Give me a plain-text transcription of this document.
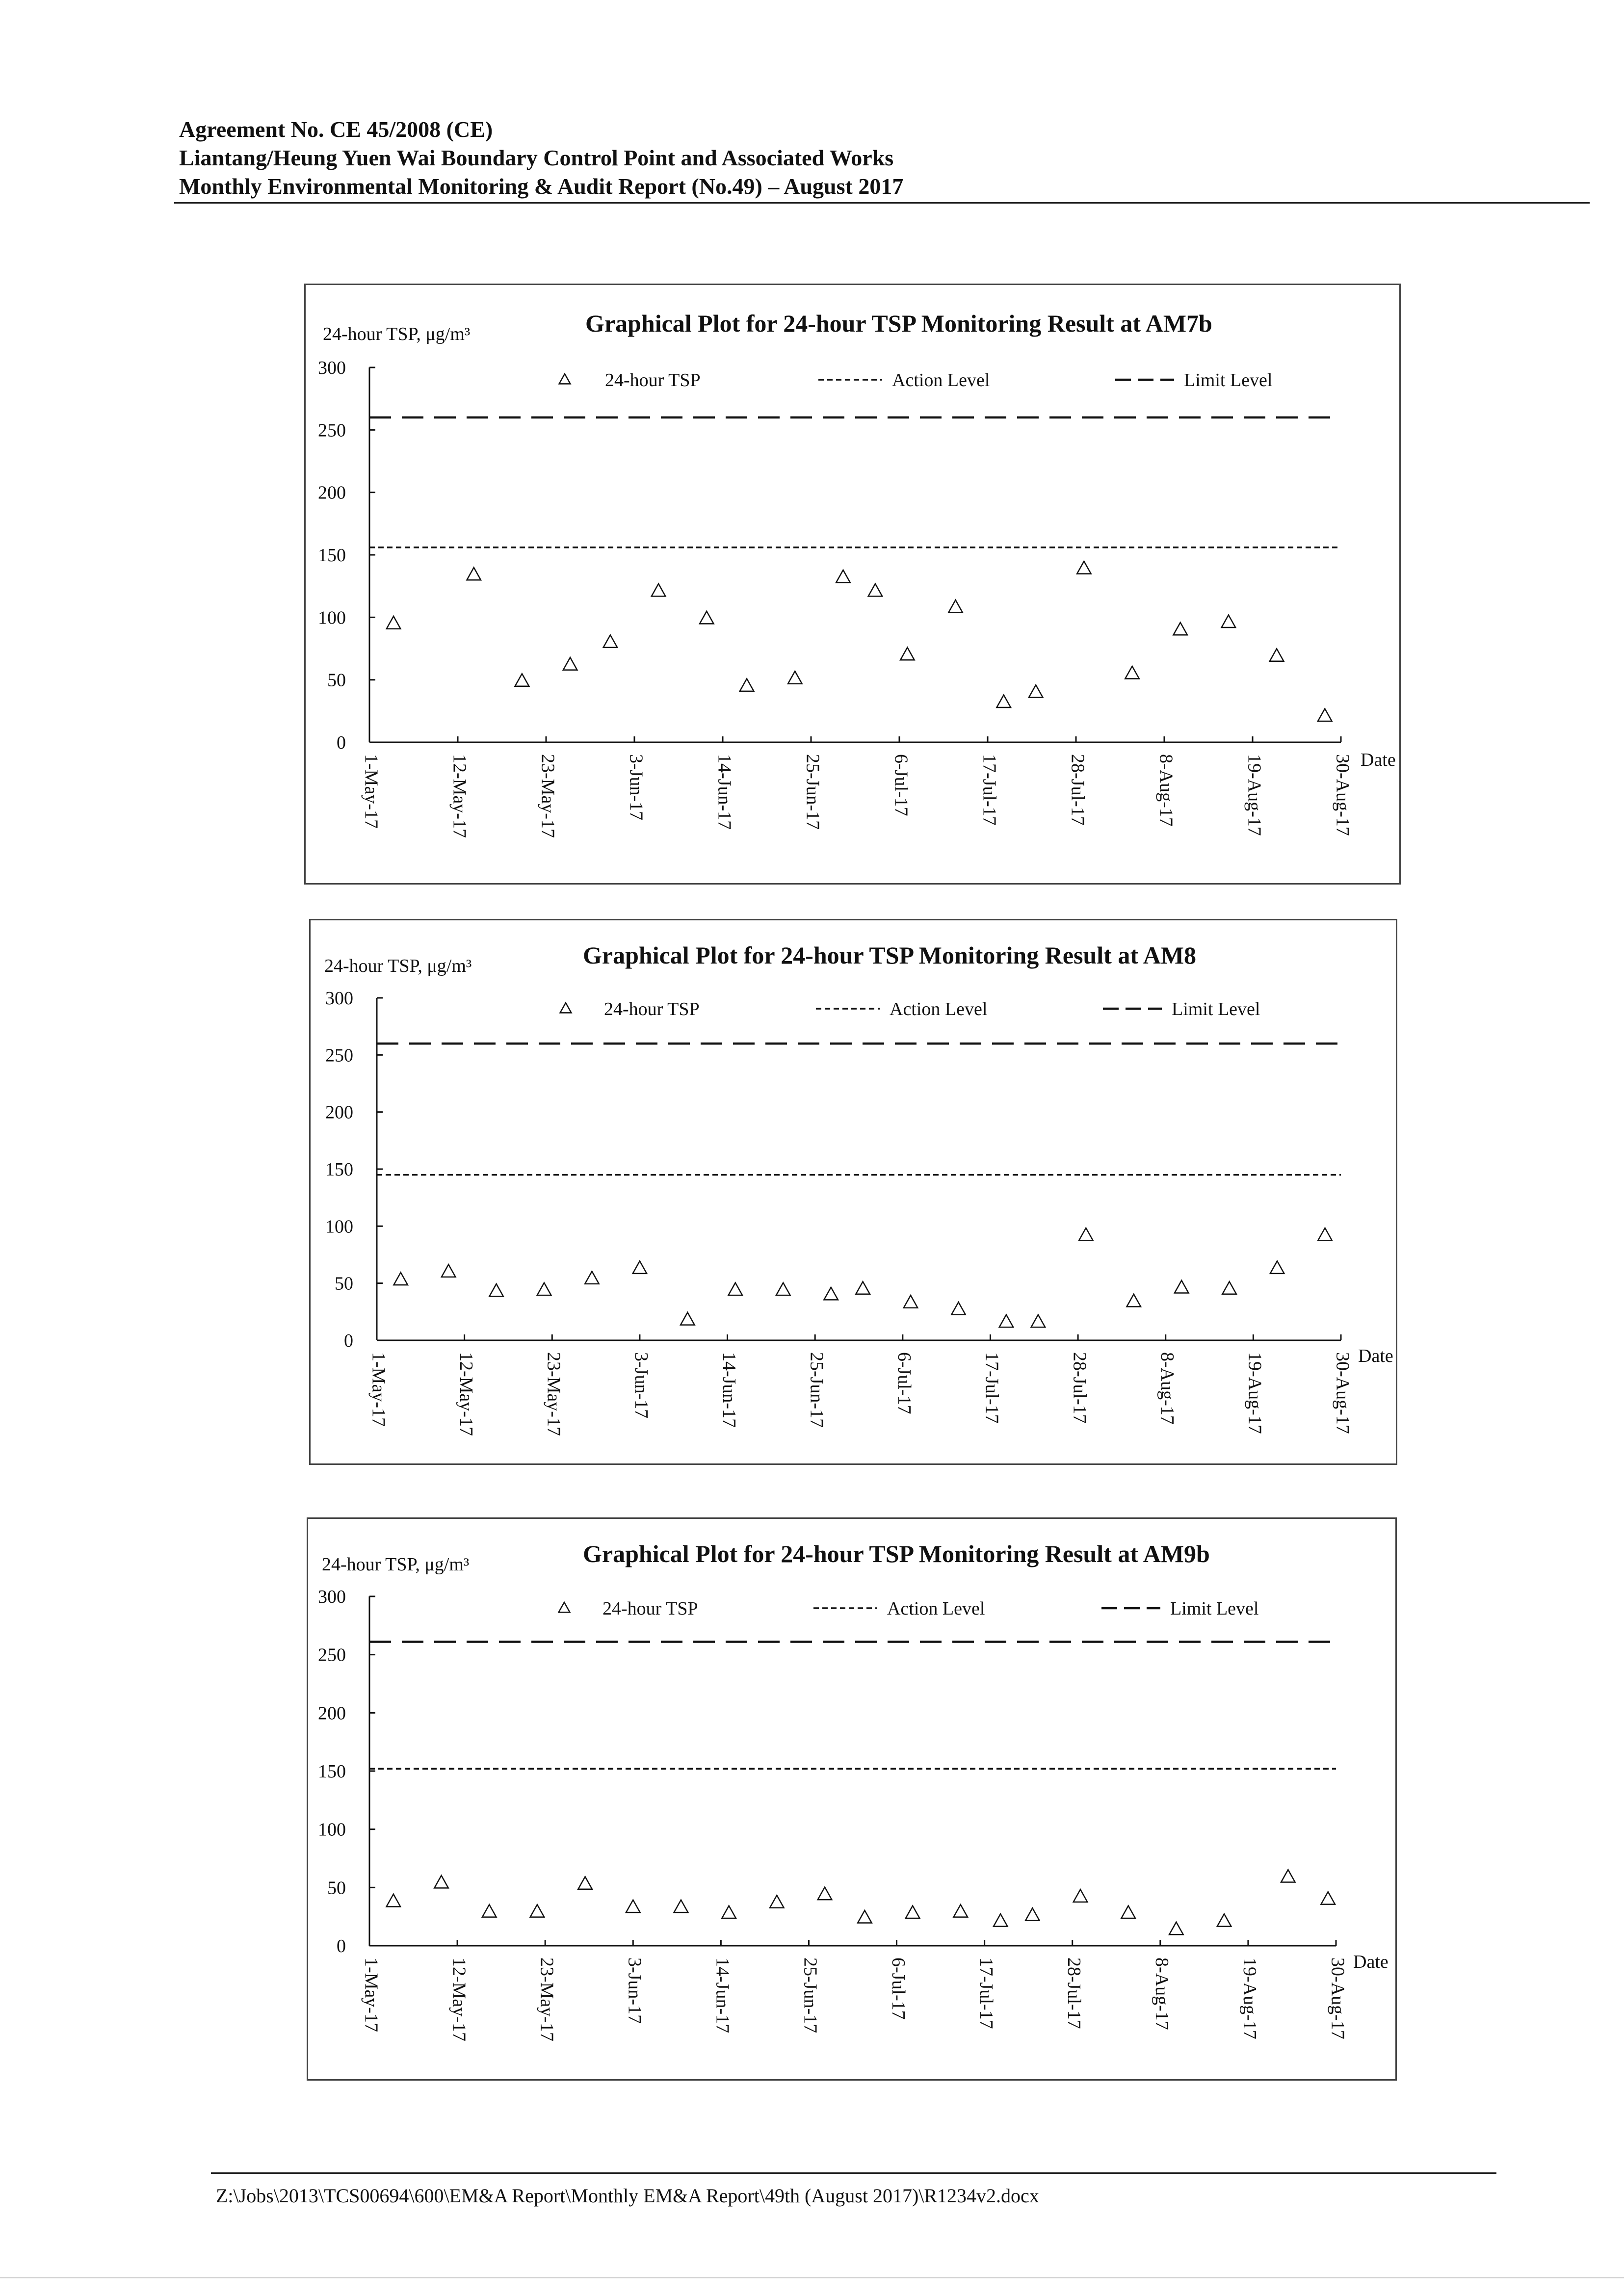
Agreement No. CE 45/2008 (CE)
Liantang/Heung Yuen Wai Boundary Control Point and Associated Works
Monthly Environmental Monitoring & Audit Report (No.49) – August 2017
Graphical Plot for 24-hour TSP Monitoring Result at AM7b
24-hour TSP, μg/m³
Date
0
50
100
150
200
250
300
1-May-17	12-May-17	23-May-17	3-Jun-17	14-Jun-17	25-Jun-17	6-Jul-17	17-Jul-17	28-Jul-17	8-Aug-17	19-Aug-17	30-Aug-17
24-hour TSP	Action Level	Limit Level
Graphical Plot for 24-hour TSP Monitoring Result at AM8
24-hour TSP, μg/m³
Date
0
50
100
150
200
250
300
1-May-17	12-May-17	23-May-17	3-Jun-17	14-Jun-17	25-Jun-17	6-Jul-17	17-Jul-17	28-Jul-17	8-Aug-17	19-Aug-17	30-Aug-17
24-hour TSP	Action Level	Limit Level
Graphical Plot for 24-hour TSP Monitoring Result at AM9b
24-hour TSP, μg/m³
Date
0
50
100
150
200
250
300
1-May-17	12-May-17	23-May-17	3-Jun-17	14-Jun-17	25-Jun-17	6-Jul-17	17-Jul-17	28-Jul-17	8-Aug-17	19-Aug-17	30-Aug-17
24-hour TSP	Action Level	Limit Level
Z:\Jobs\2013\TCS00694\600\EM&A Report\Monthly EM&A Report\49th (August 2017)\R1234v2.docx
